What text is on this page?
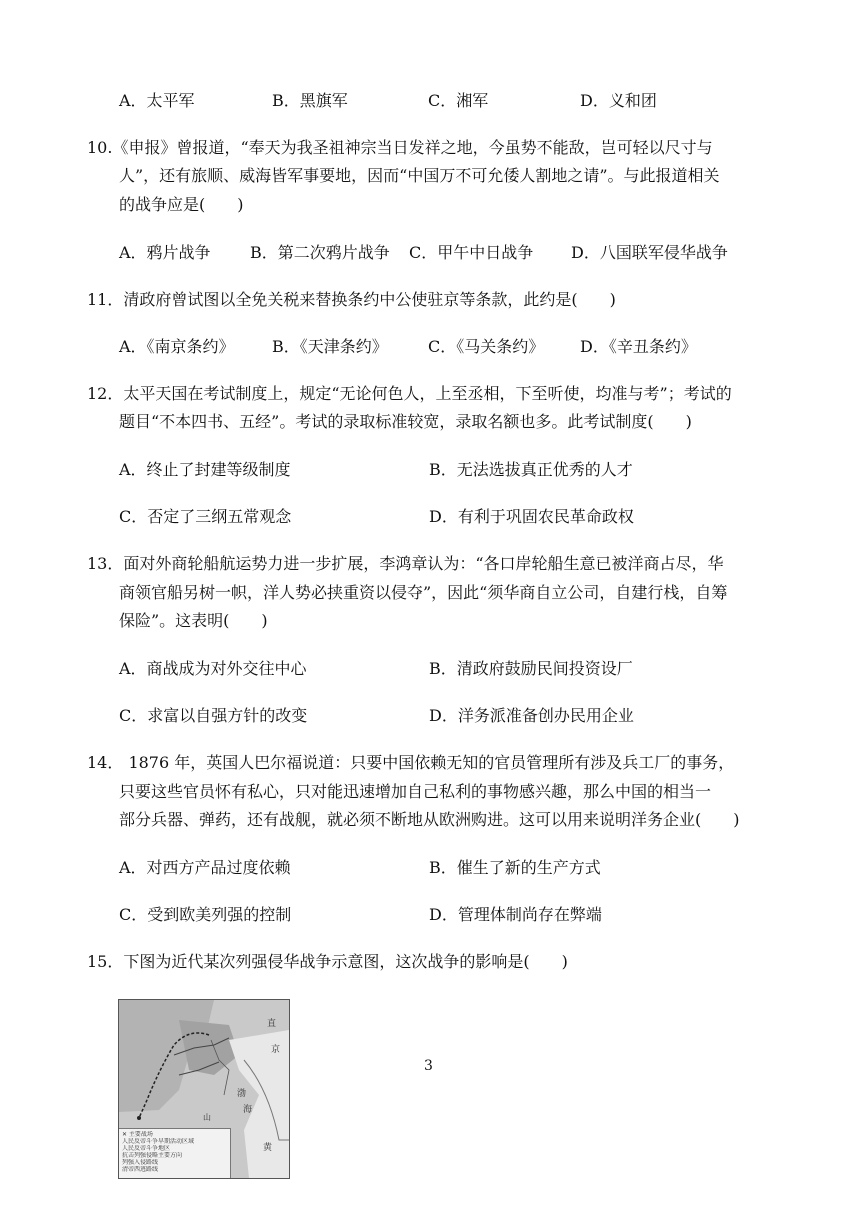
A．太平军	B．黑旗军	C．湘军	D．义和团
10.《申报》曾报道，“奉天为我圣祖神宗当日发祥之地，今虽势不能敌，岂可轻以尺寸与
人”，还有旅顺、威海皆军事要地，因而“中国万不可允倭人割地之请”。与此报道相关
的战争应是(　　)
A．鸦片战争 B．第二次鸦片战争 C．甲午中日战争 D．八国联军侵华战争
11．清政府曾试图以全免关税来替换条约中公使驻京等条款，此约是(　　)
A．《南京条约》 B．《天津条约》	C．《马关条约》 D．《辛丑条约》
12．太平天国在考试制度上，规定“无论何色人，上至丞相，下至听使，均准与考”；考试的
题目“不本四书、五经”。考试的录取标准较宽，录取名额也多。此考试制度(　　)
A．终止了封建等级制度	B．无法选拔真正优秀的人才
C．否定了三纲五常观念	D．有利于巩固农民革命政权
13．面对外商轮船航运势力进一步扩展，李鸿章认为：“各口岸轮船生意已被洋商占尽，华
商领官船另树一帜，洋人势必挟重资以侵夺”，因此“须华商自立公司，自建行栈，自筹
保险”。这表明(　　)
A．商战成为对外交往中心	B．清政府鼓励民间投资设厂
C．求富以自强方针的改变	D．洋务派准备创办民用企业
14． 1876 年，英国人巴尔福说道：只要中国依赖无知的官员管理所有涉及兵工厂的事务，
只要这些官员怀有私心，只对能迅速增加自己私利的事物感兴趣，那么中国的相当一
部分兵器、弹药，还有战舰，就必须不断地从欧洲购进。这可以用来说明洋务企业(　　)
A．对西方产品过度依赖	B．催生了新的生产方式
C．受到欧美列强的控制	D．管理体制尚存在弊端
15．下图为近代某次列强侵华战争示意图，这次战争的影响是(　　)
直
京
渤
海
黄
山
✕ 主要战场
人民反帝斗争早期活动区域
人民反帝斗争地区
抗击列强侵略主要方向
列强入侵路线
清帝西逃路线
3
